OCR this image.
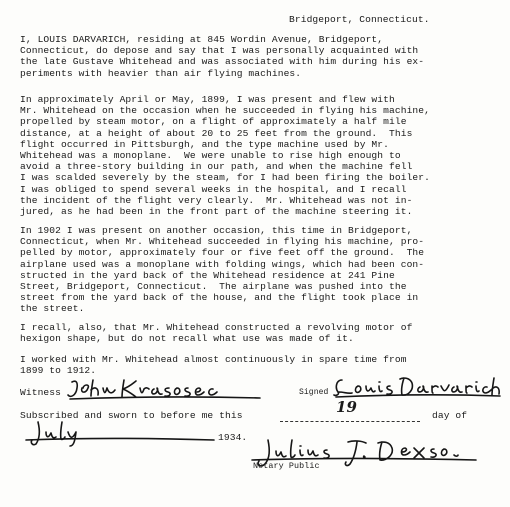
Bridgeport, Connecticut.
I, LOUIS DARVARICH, residing at 845 Wordin Avenue, Bridgeport,
Connecticut, do depose and say that I was personally acquainted with
the late Gustave Whitehead and was associated with him during his ex-
periments with heavier than air flying machines.
In approximately April or May, 1899, I was present and flew with
Mr. Whitehead on the occasion when he succeeded in flying his machine,
propelled by steam motor, on a flight of approximately a half mile
distance, at a height of about 20 to 25 feet from the ground.  This
flight occurred in Pittsburgh, and the type machine used by Mr.
Whitehead was a monoplane.  We were unable to rise high enough to
avoid a three-story building in our path, and when the machine fell
I was scalded severely by the steam, for I had been firing the boiler.
I was obliged to spend several weeks in the hospital, and I recall
the incident of the flight very clearly.  Mr. Whitehead was not in-
jured, as he had been in the front part of the machine steering it.
In 1902 I was present on another occasion, this time in Bridgeport,
Connecticut, when Mr. Whitehead succeeded in flying his machine, pro-
pelled by motor, approximately four or five feet off the ground.  The
airplane used was a monoplane with folding wings, which had been con-
structed in the yard back of the Whitehead residence at 241 Pine
Street, Bridgeport, Connecticut.  The airplane was pushed into the
street from the yard back of the house, and the flight took place in
the street.
I recall, also, that Mr. Whitehead constructed a revolving motor of
hexigon shape, but do not recall what use was made of it.
I worked with Mr. Whitehead almost continuously in spare time from
1899 to 1912.
Witness	Signed
Subscribed and sworn to before me this	19	day of
1934.
Notary Public
